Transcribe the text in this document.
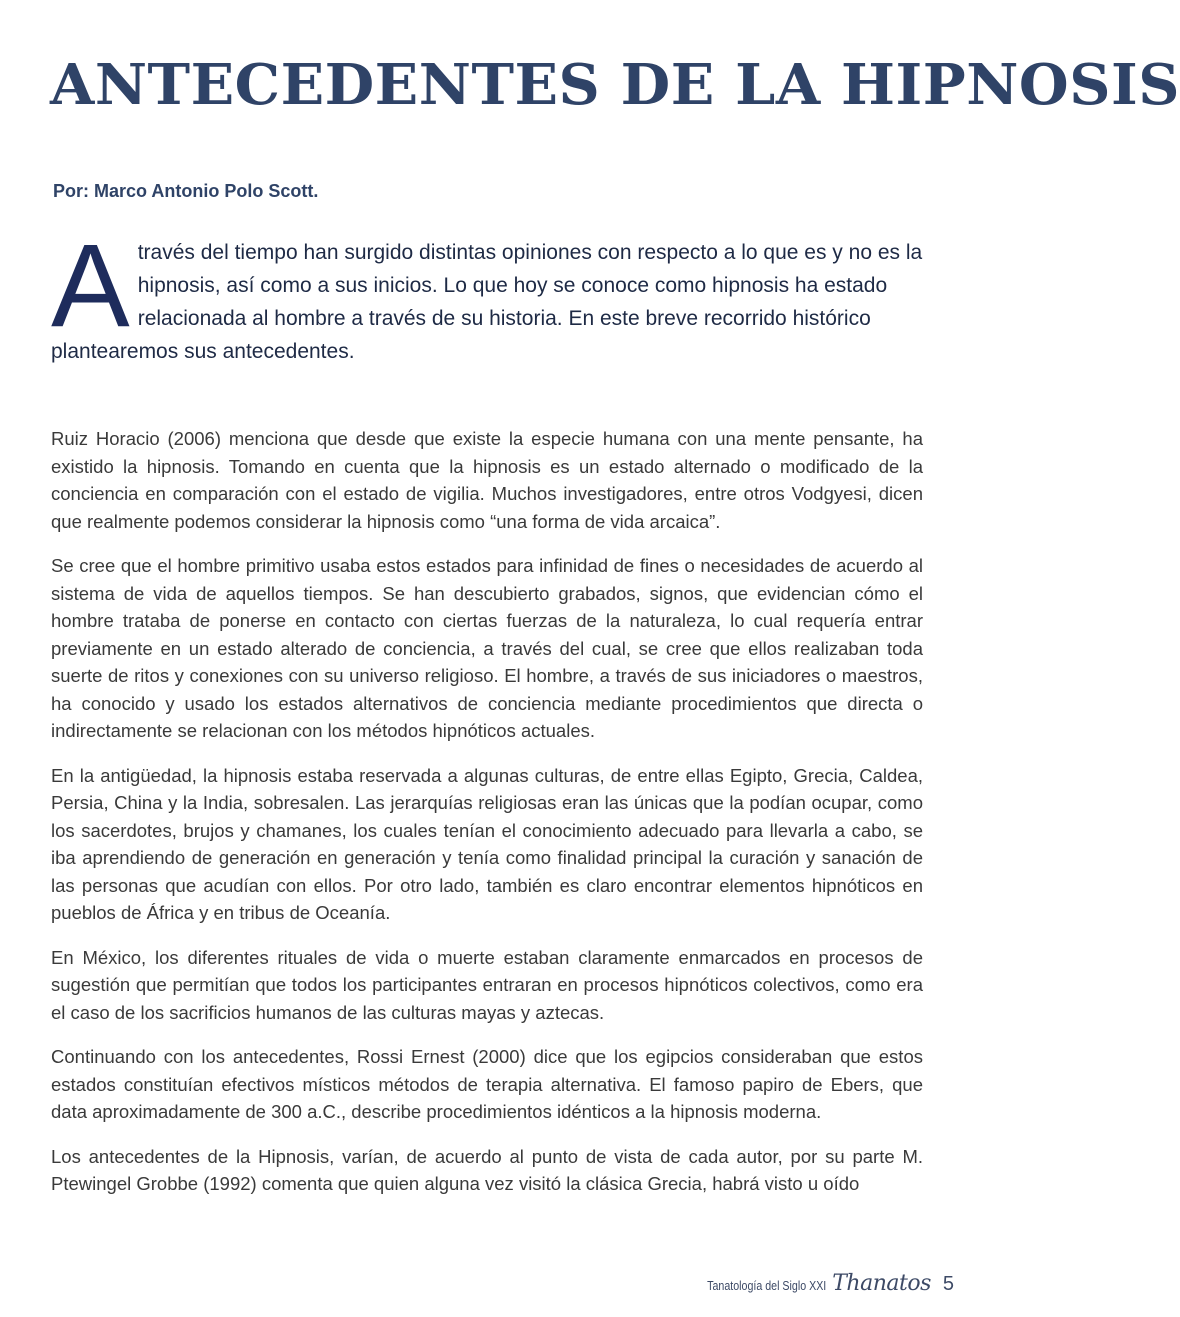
ANTECEDENTES DE LA HIPNOSIS

Por: Marco Antonio Polo Scott.

A través del tiempo han surgido distintas opiniones con respecto a lo que es y no es la hipnosis, así como a sus inicios. Lo que hoy se conoce como hipnosis ha estado relacionada al hombre a través de su historia. En este breve recorrido histórico plantearemos sus antecedentes.

Ruiz Horacio (2006) menciona que desde que existe la especie humana con una mente pensante, ha existido la hipnosis. Tomando en cuenta que la hipnosis es un estado alternado o modificado de la conciencia en comparación con el estado de vigilia. Muchos investigadores, entre otros Vodgyesi, dicen que realmente podemos considerar la hipnosis como “una forma de vida arcaica”.

Se cree que el hombre primitivo usaba estos estados para infinidad de fines o necesidades de acuerdo al sistema de vida de aquellos tiempos. Se han descubierto grabados, signos, que evidencian cómo el hombre trataba de ponerse en contacto con ciertas fuerzas de la naturaleza, lo cual requería entrar previamente en un estado alterado de conciencia, a través del cual, se cree que ellos realizaban toda suerte de ritos y conexiones con su universo religioso. El hombre, a través de sus iniciadores o maestros, ha conocido y usado los estados alternativos de conciencia mediante procedimientos que directa o indirectamente se relacionan con los métodos hipnóticos actuales.

En la antigüedad, la hipnosis estaba reservada a algunas culturas, de entre ellas Egipto, Grecia, Caldea, Persia, China y la India, sobresalen. Las jerarquías religiosas eran las únicas que la podían ocupar, como los sacerdotes, brujos y chamanes, los cuales tenían el conocimiento adecuado para llevarla a cabo, se iba aprendiendo de generación en generación y tenía como finalidad principal la curación y sanación de las personas que acudían con ellos. Por otro lado, también es claro encontrar elementos hipnóticos en pueblos de África y en tribus de Oceanía.

En México, los diferentes rituales de vida o muerte estaban claramente enmarcados en procesos de sugestión que permitían que todos los participantes entraran en procesos hipnóticos colectivos, como era el caso de los sacrificios humanos de las culturas mayas y aztecas.

Continuando con los antecedentes, Rossi Ernest (2000) dice que los egipcios consideraban que estos estados constituían efectivos místicos métodos de terapia alternativa. El famoso papiro de Ebers, que data aproximadamente de 300 a.C., describe procedimientos idénticos a la hipnosis moderna.

Los antecedentes de la Hipnosis, varían, de acuerdo al punto de vista de cada autor, por su parte M. Ptewingel Grobbe (1992) comenta que quien alguna vez visitó la clásica Grecia, habrá visto u oído

Tanatología del Siglo XXI Thanatos 5
